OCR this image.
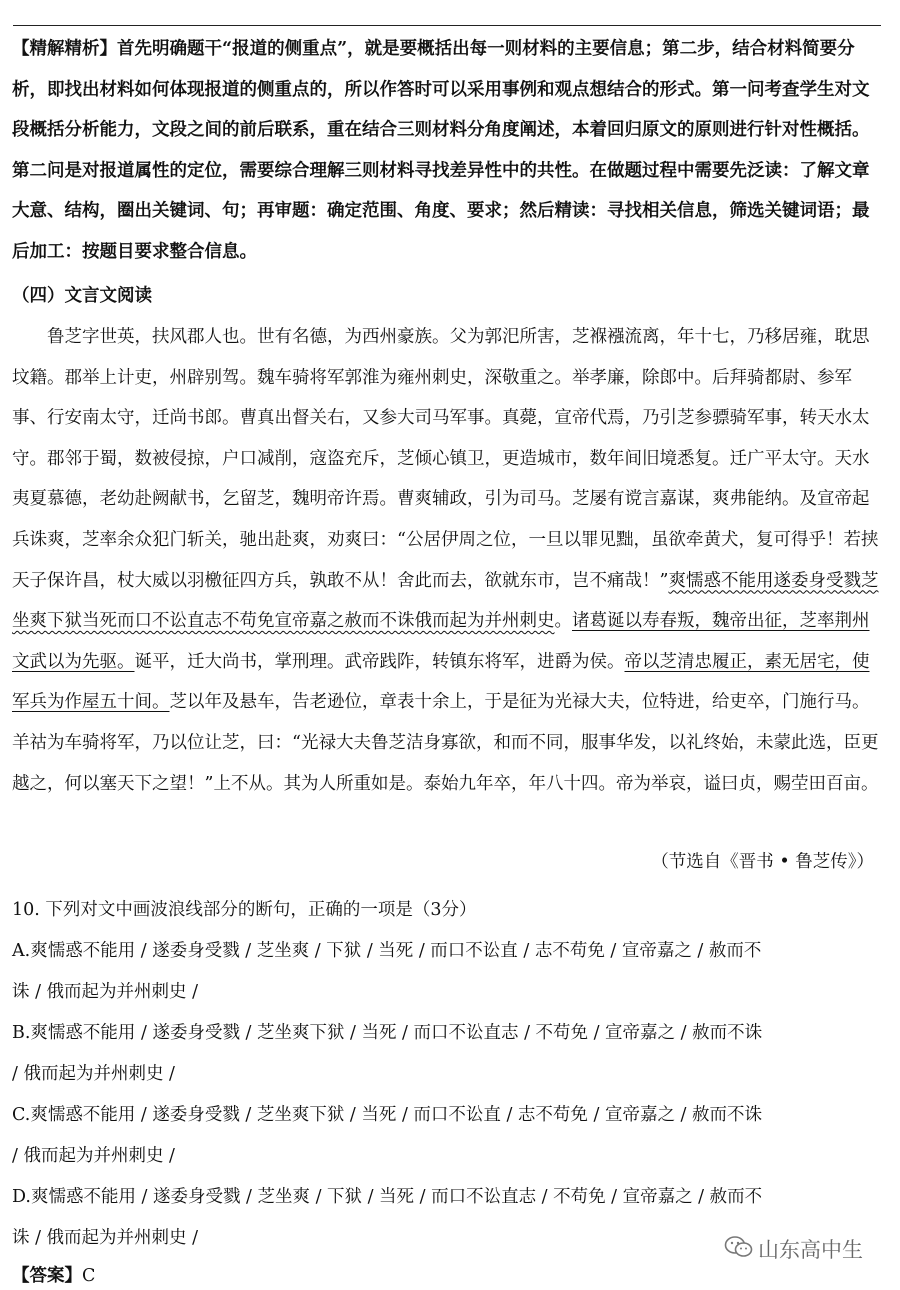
【精解精析】首先明确题干“报道的侧重点”，就是要概括出每一则材料的主要信息；第二步，结合材料简要分析，即找出材料如何体现报道的侧重点的，所以作答时可以采用事例和观点想结合的形式。第一问考查学生对文段概括分析能力，文段之间的前后联系，重在结合三则材料分角度阐述，本着回归原文的原则进行针对性概括。第二问是对报道属性的定位，需要综合理解三则材料寻找差异性中的共性。在做题过程中需要先泛读：了解文章大意、结构，圈出关键词、句；再审题：确定范围、角度、要求；然后精读：寻找相关信息，筛选关键词语；最后加工：按题目要求整合信息。

（四）文言文阅读

鲁芝字世英，扶风郡人也。世有名德，为西州豪族。父为郭汜所害，芝褓襁流离，年十七，乃移居雍，耽思坟籍。郡举上计吏，州辟别驾。魏车骑将军郭淮为雍州刺史，深敬重之。举孝廉，除郎中。后拜骑都尉、参军事、行安南太守，迁尚书郎。曹真出督关右，又参大司马军事。真薨，宣帝代焉，乃引芝参骠骑军事，转天水太守。郡邻于蜀，数被侵掠，户口减削，寇盗充斥，芝倾心镇卫，更造城市，数年间旧境悉复。迁广平太守。天水夷夏慕德，老幼赴阙献书，乞留芝，魏明帝许焉。曹爽辅政，引为司马。芝屡有谠言嘉谋，爽弗能纳。及宣帝起兵诛爽，芝率余众犯门斩关，驰出赴爽，劝爽曰：“公居伊周之位，一旦以罪见黜，虽欲牵黄犬，复可得乎！若挟天子保许昌，杖大威以羽檄征四方兵，孰敢不从！舍此而去，欲就东市，岂不痛哉！”爽懦惑不能用遂委身受戮芝坐爽下狱当死而口不讼直志不苟免宣帝嘉之赦而不诛俄而起为并州刺史。诸葛诞以寿春叛，魏帝出征，芝率荆州文武以为先驱。诞平，迁大尚书，掌刑理。武帝践阼，转镇东将军，进爵为侯。帝以芝清忠履正，素无居宅，使军兵为作屋五十间。芝以年及悬车，告老逊位，章表十余上，于是征为光禄大夫，位特进，给吏卒，门施行马。羊祜为车骑将军，乃以位让芝，曰：“光禄大夫鲁芝洁身寡欲，和而不同，服事华发，以礼终始，未蒙此选，臣更越之，何以塞天下之望！”上不从。其为人所重如是。泰始九年卒，年八十四。帝为举哀，谥曰贞，赐茔田百亩。

（节选自《晋书 • 鲁芝传》）
10. 下列对文中画波浪线部分的断句，正确的一项是（3分）
A.爽懦惑不能用 / 遂委身受戮 / 芝坐爽 / 下狱 / 当死 / 而口不讼直 / 志不苟免 / 宣帝嘉之 / 赦而不
诛 / 俄而起为并州刺史 /
B.爽懦惑不能用 / 遂委身受戮 / 芝坐爽下狱 / 当死 / 而口不讼直志 / 不苟免 / 宣帝嘉之 / 赦而不诛
/ 俄而起为并州刺史 /
C.爽懦惑不能用 / 遂委身受戮 / 芝坐爽下狱 / 当死 / 而口不讼直 / 志不苟免 / 宣帝嘉之 / 赦而不诛
/ 俄而起为并州刺史 /
D.爽懦惑不能用 / 遂委身受戮 / 芝坐爽 / 下狱 / 当死 / 而口不讼直志 / 不苟免 / 宣帝嘉之 / 赦而不
诛 / 俄而起为并州刺史 /	山东高中生
【答案】C
